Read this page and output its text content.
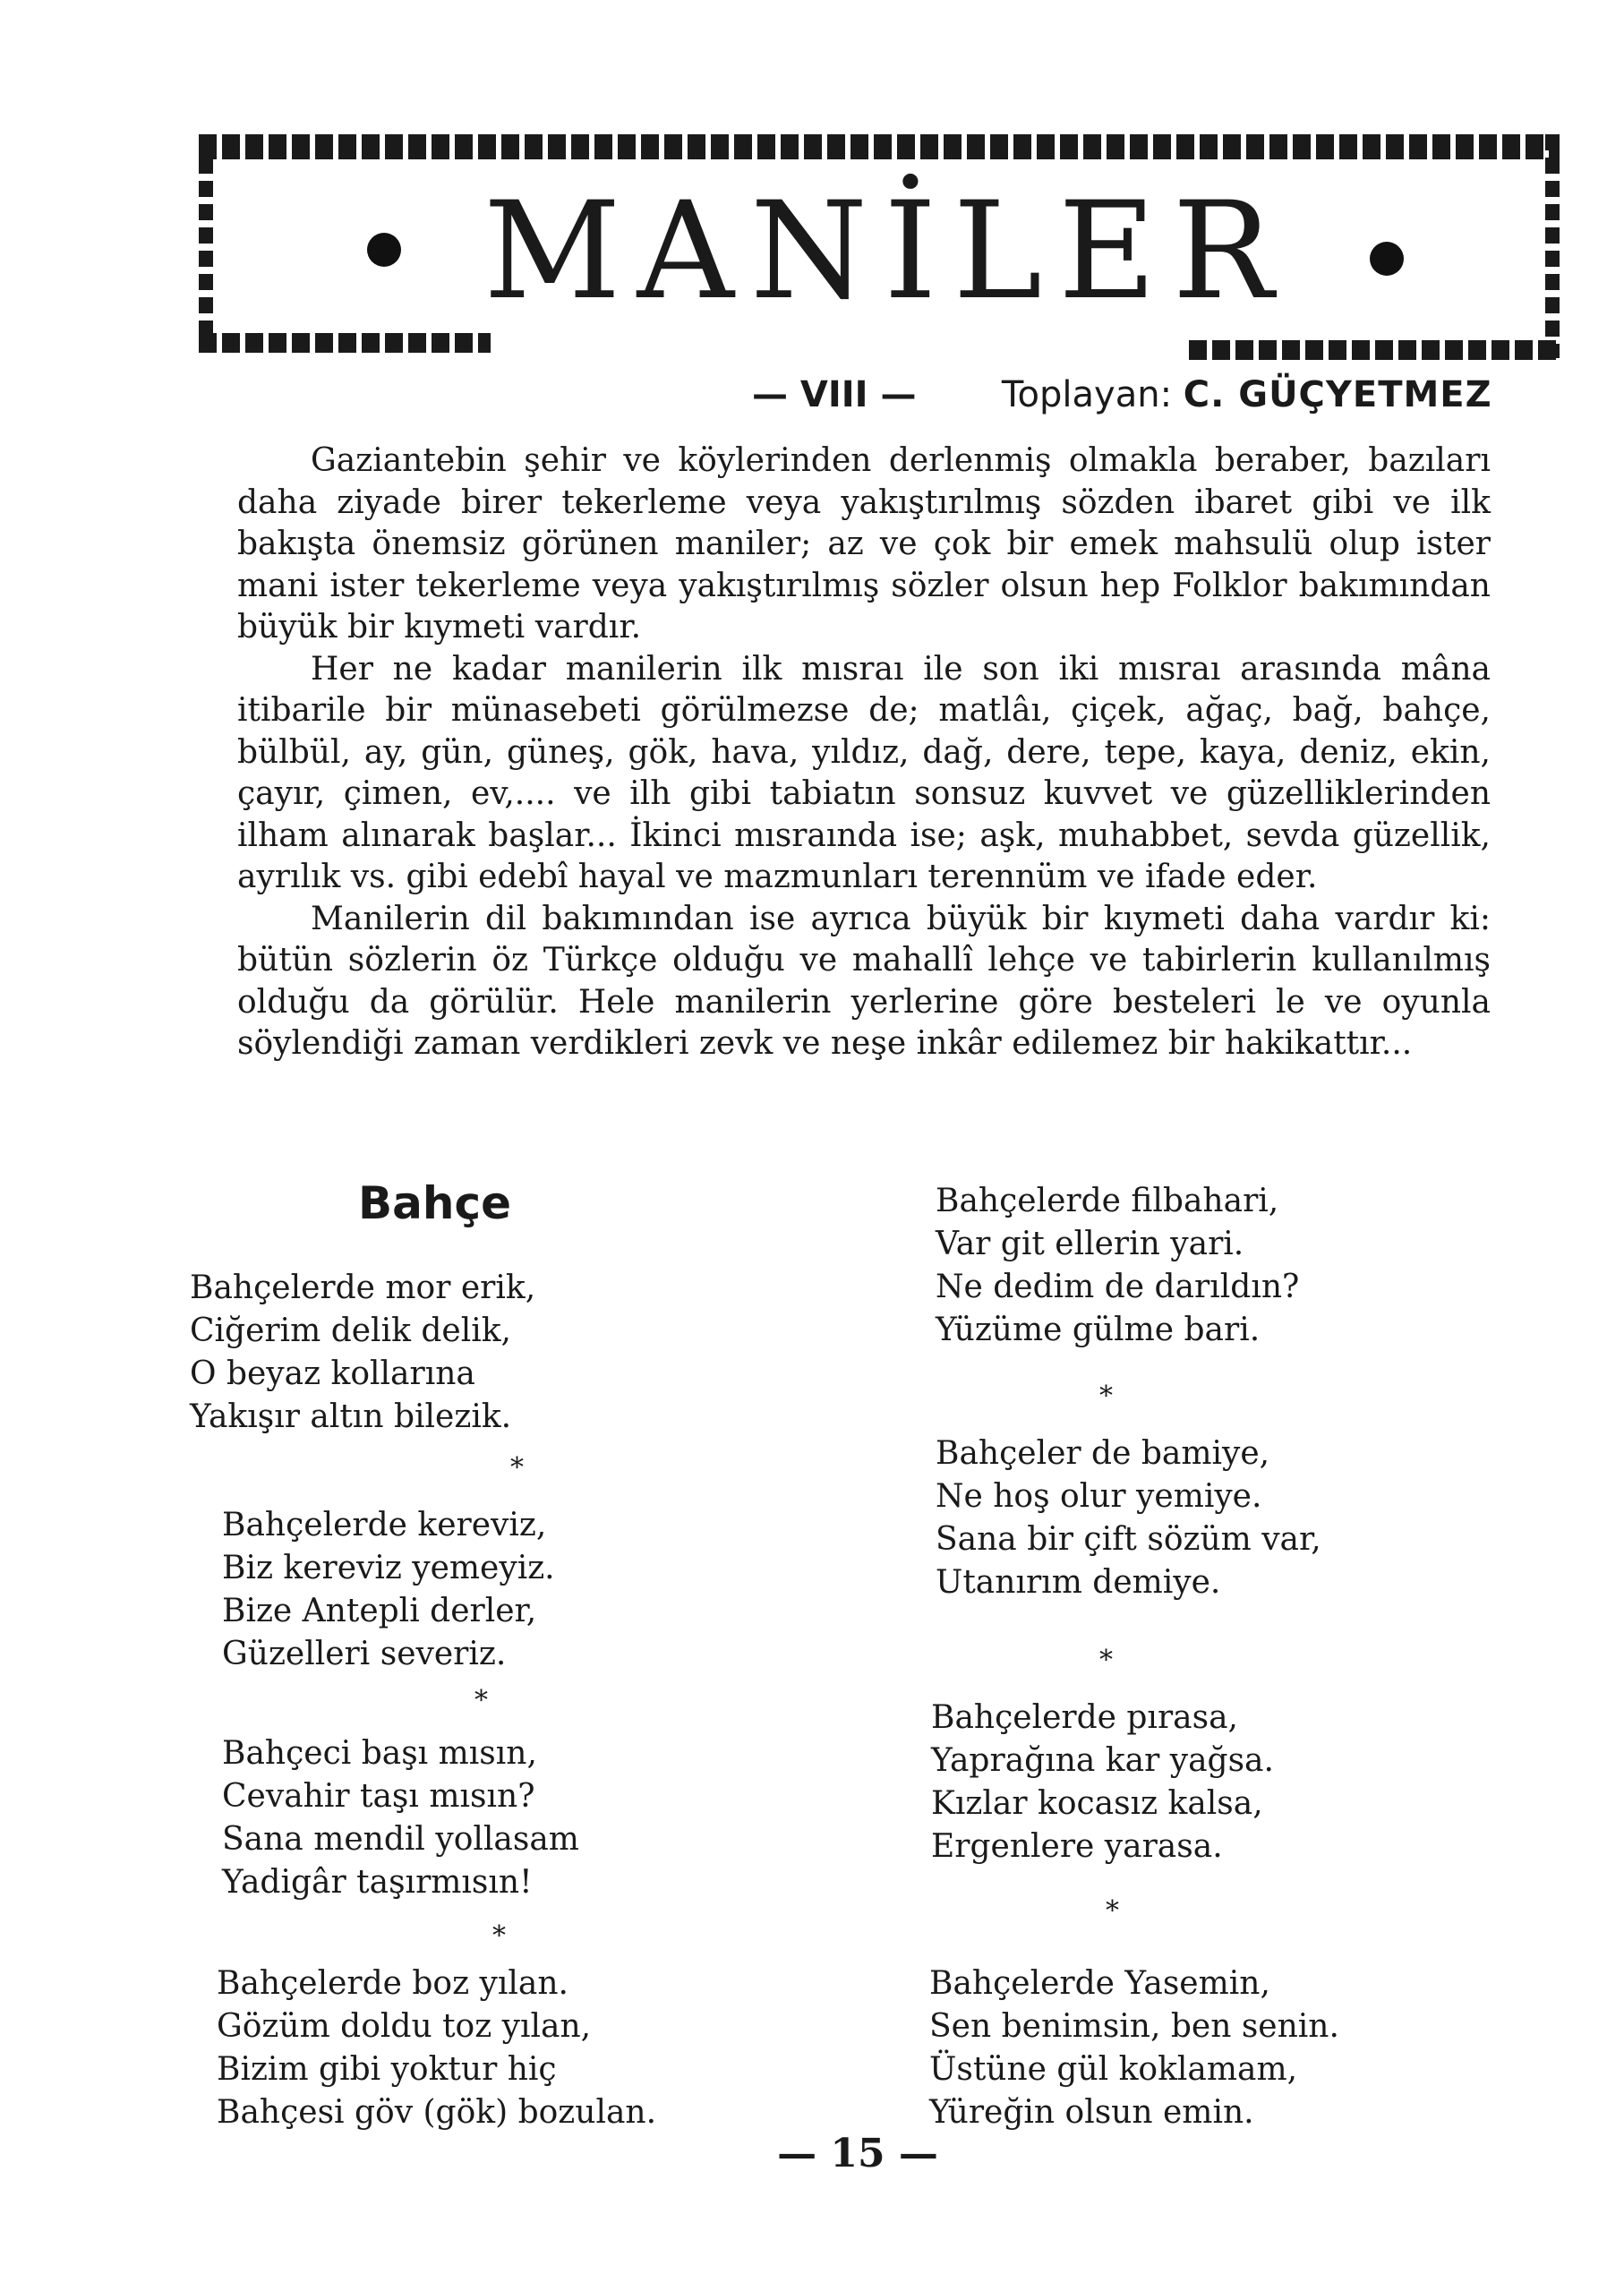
MANİLER
— VIII — Toplayan: C. GÜÇYETMEZ

Gaziantebin şehir ve köylerinden derlenmiş olmakla beraber, bazıları daha ziyade birer tekerleme veya yakıştırılmış sözden ibaret gibi ve ilk bakışta önemsiz görünen maniler; az ve çok bir emek mahsulü olup ister mani ister tekerleme veya yakıştırılmış sözler olsun hep Folklor bakımından büyük bir kıymeti vardır.

Her ne kadar manilerin ilk mısraı ile son iki mısraı arasında mâna itibarile bir münasebeti görülmezse de; matlâı, çiçek, ağaç, bağ, bahçe, bülbül, ay, gün, güneş, gök, hava, yıldız, dağ, dere, tepe, kaya, deniz, ekin, çayır, çimen, ev,.... ve ilh gibi tabiatın sonsuz kuvvet ve güzelliklerinden ilham alınarak başlar... İkinci mısraında ise; aşk, muhabbet, sevda güzellik, ayrılık vs. gibi edebî hayal ve mazmunları terennüm ve ifade eder.

Manilerin dil bakımından ise ayrıca büyük bir kıymeti daha vardır ki: bütün sözlerin öz Türkçe olduğu ve mahallî lehçe ve tabirlerin kullanılmış olduğu da görülür. Hele manilerin yerlerine göre besteleri le ve oyunla söylendiği zaman verdikleri zevk ve neşe inkâr edilemez bir hakikattır...

Bahçe
Bahçelerde mor erik,
Ciğerim delik delik,
O beyaz kollarına
Yakışır altın bilezik.
*
Bahçelerde kereviz,
Biz kereviz yemeyiz.
Bize Antepli derler,
Güzelleri severiz.
*
Bahçeci başı mısın,
Cevahir taşı mısın?
Sana mendil yollasam
Yadigâr taşırmısın!
*
Bahçelerde boz yılan.
Gözüm doldu toz yılan,
Bizim gibi yoktur hiç
Bahçesi göv (gök) bozulan.
Bahçelerde filbahari,
Var git ellerin yari.
Ne dedim de darıldın?
Yüzüme gülme bari.
*
Bahçeler de bamiye,
Ne hoş olur yemiye.
Sana bir çift sözüm var,
Utanırım demiye.
*
Bahçelerde pırasa,
Yaprağına kar yağsa.
Kızlar kocasız kalsa,
Ergenlere yarasa.
*
Bahçelerde Yasemin,
Sen benimsin, ben senin.
Üstüne gül koklamam,
Yüreğin olsun emin.
— 15 —
